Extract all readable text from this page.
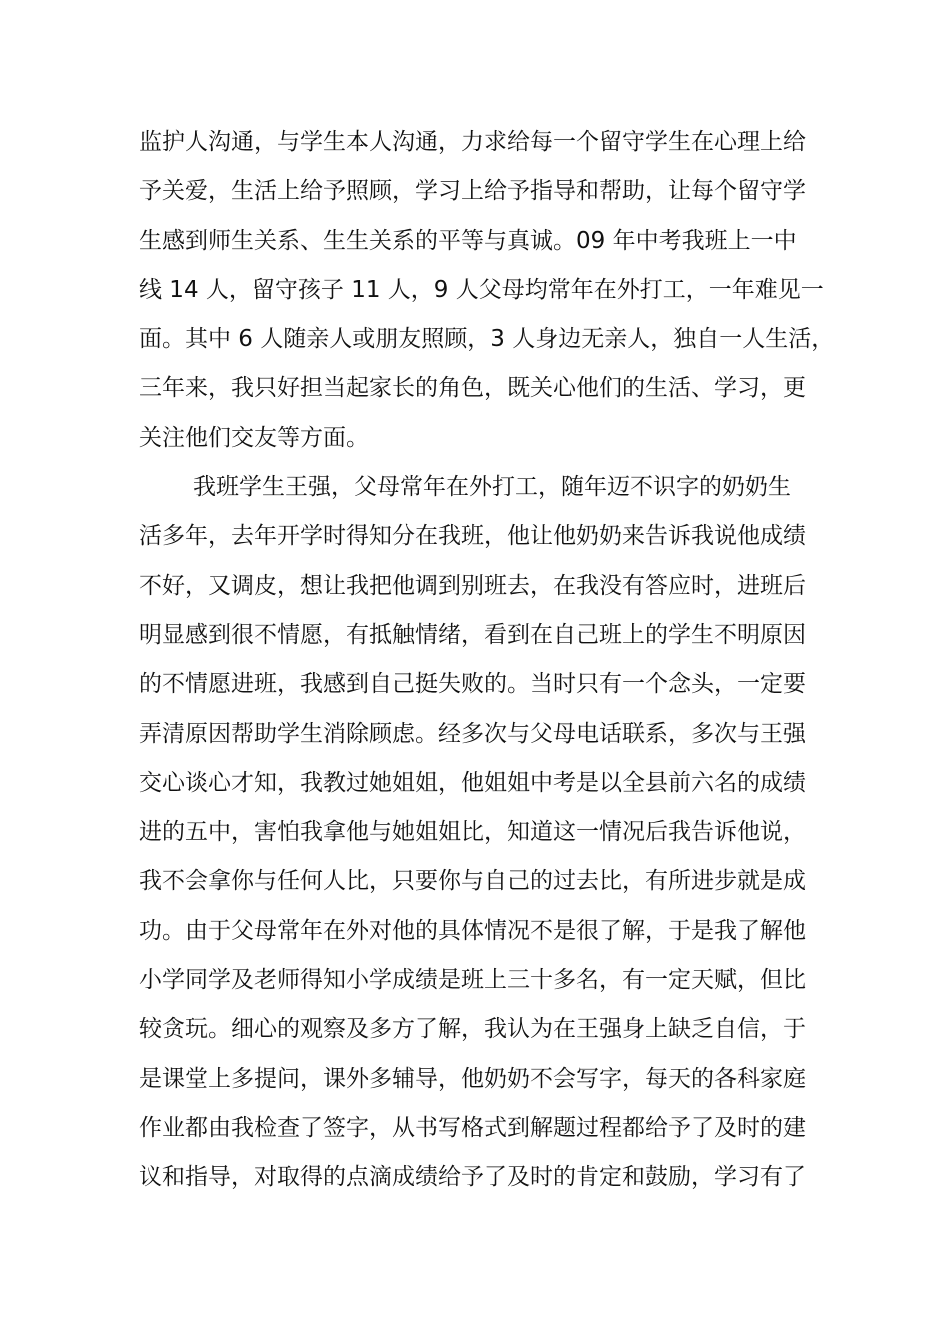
监护人沟通，与学生本人沟通，力求给每一个留守学生在心理上给
予关爱，生活上给予照顾，学习上给予指导和帮助，让每个留守学
生感到师生关系、生生关系的平等与真诚。09 年中考我班上一中
线 14 人，留守孩子 11 人，9 人父母均常年在外打工，一年难见一
面。其中 6 人随亲人或朋友照顾，3 人身边无亲人，独自一人生活，
三年来，我只好担当起家长的角色，既关心他们的生活、学习，更
关注他们交友等方面。
我班学生王强，父母常年在外打工，随年迈不识字的奶奶生
活多年，去年开学时得知分在我班，他让他奶奶来告诉我说他成绩
不好，又调皮，想让我把他调到别班去，在我没有答应时，进班后
明显感到很不情愿，有抵触情绪，看到在自己班上的学生不明原因
的不情愿进班，我感到自己挺失败的。当时只有一个念头，一定要
弄清原因帮助学生消除顾虑。经多次与父母电话联系，多次与王强
交心谈心才知，我教过她姐姐，他姐姐中考是以全县前六名的成绩
进的五中，害怕我拿他与她姐姐比，知道这一情况后我告诉他说，
我不会拿你与任何人比，只要你与自己的过去比，有所进步就是成
功。由于父母常年在外对他的具体情况不是很了解，于是我了解他
小学同学及老师得知小学成绩是班上三十多名，有一定天赋，但比
较贪玩。细心的观察及多方了解，我认为在王强身上缺乏自信，于
是课堂上多提问，课外多辅导，他奶奶不会写字，每天的各科家庭
作业都由我检查了签字，从书写格式到解题过程都给予了及时的建
议和指导，对取得的点滴成绩给予了及时的肯定和鼓励，学习有了
